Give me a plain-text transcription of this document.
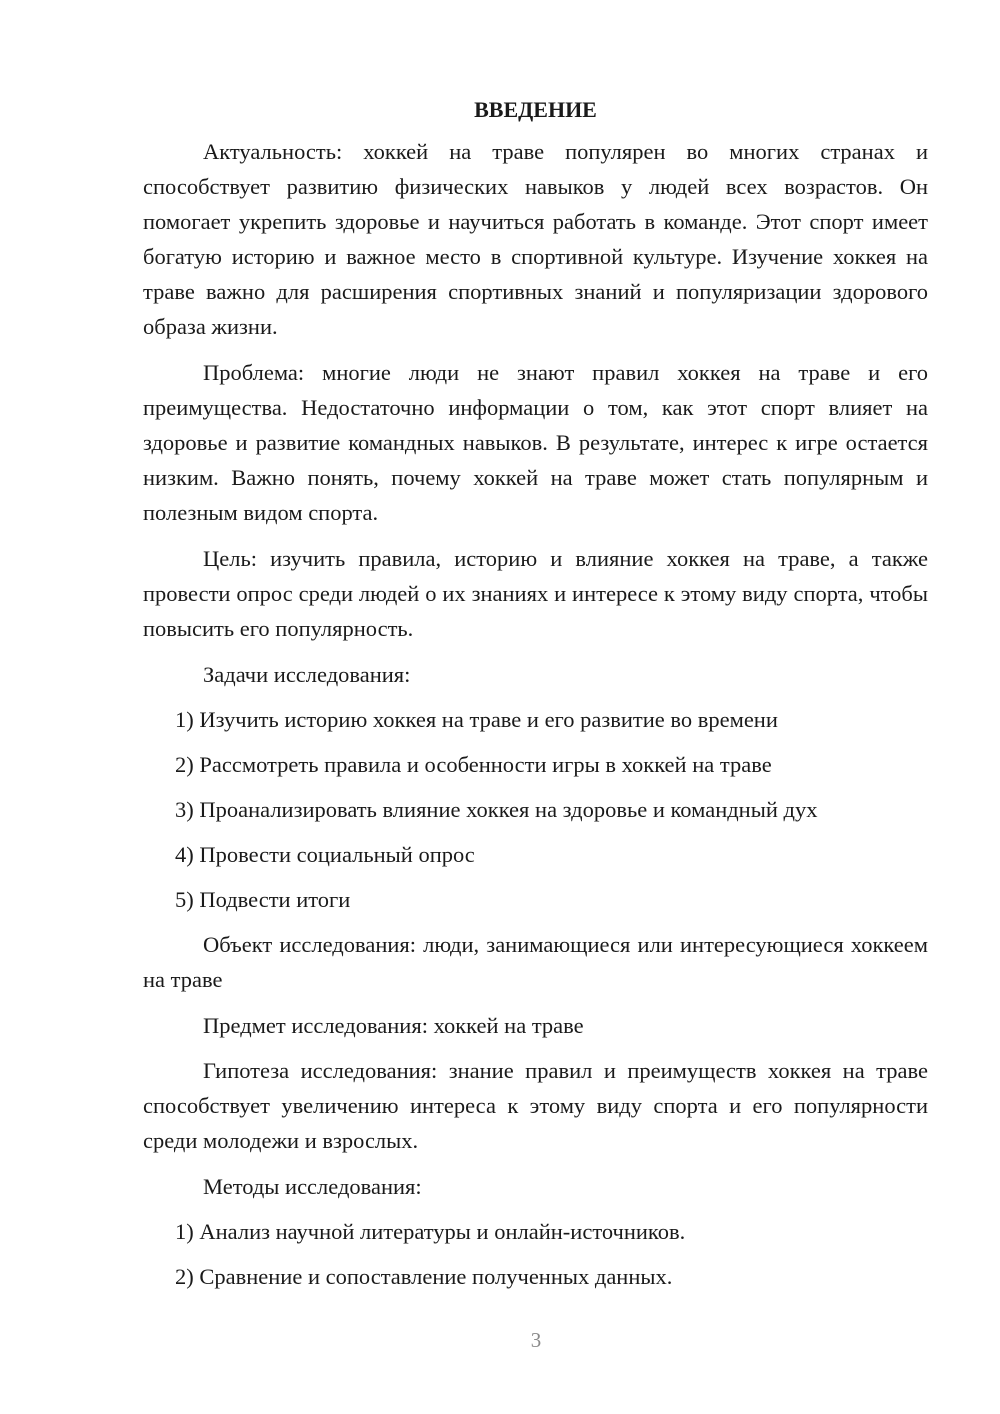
ВВЕДЕНИЕ

Актуальность: хоккей на траве популярен во многих странах и способствует развитию физических навыков у людей всех возрастов. Он помогает укрепить здоровье и научиться работать в команде. Этот спорт имеет богатую историю и важное место в спортивной культуре. Изучение хоккея на траве важно для расширения спортивных знаний и популяризации здорового образа жизни.

Проблема: многие люди не знают правил хоккея на траве и его преимущества. Недостаточно информации о том, как этот спорт влияет на здоровье и развитие командных навыков. В результате, интерес к игре остается низким. Важно понять, почему хоккей на траве может стать популярным и полезным видом спорта.

Цель: изучить правила, историю и влияние хоккея на траве, а также провести опрос среди людей о их знаниях и интересе к этому виду спорта, чтобы повысить его популярность.

Задачи исследования:
1) Изучить историю хоккея на траве и его развитие во времени
2) Рассмотреть правила и особенности игры в хоккей на траве
3) Проанализировать влияние хоккея на здоровье и командный дух
4) Провести социальный опрос
5) Подвести итоги

Объект исследования: люди, занимающиеся или интересующиеся хоккеем на траве

Предмет исследования: хоккей на траве

Гипотеза исследования: знание правил и преимуществ хоккея на траве способствует увеличению интереса к этому виду спорта и его популярности среди молодежи и взрослых.

Методы исследования:
1) Анализ научной литературы и онлайн-источников.
2) Сравнение и сопоставление полученных данных.
3
